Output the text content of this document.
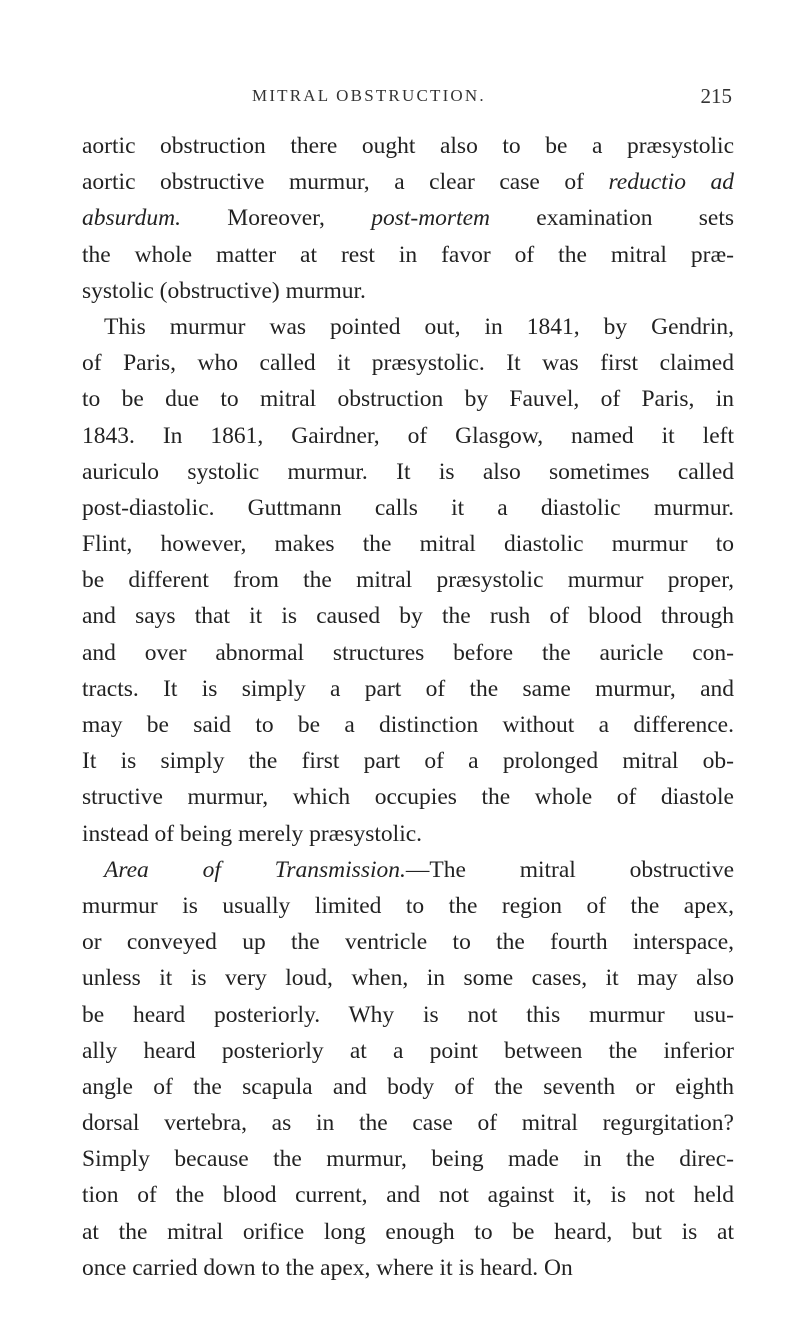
MITRAL OBSTRUCTION.	215
aortic obstruction there ought also to be a præsystolic
aortic obstructive murmur, a clear case of reductio ad
absurdum. Moreover, post-mortem examination sets
the whole matter at rest in favor of the mitral præ-
systolic (obstructive) murmur.
This murmur was pointed out, in 1841, by Gendrin,
of Paris, who called it præsystolic. It was first claimed
to be due to mitral obstruction by Fauvel, of Paris, in
1843. In 1861, Gairdner, of Glasgow, named it left
auriculo systolic murmur. It is also sometimes called
post-diastolic. Guttmann calls it a diastolic murmur.
Flint, however, makes the mitral diastolic murmur to
be different from the mitral præsystolic murmur proper,
and says that it is caused by the rush of blood through
and over abnormal structures before the auricle con-
tracts. It is simply a part of the same murmur, and
may be said to be a distinction without a difference.
It is simply the first part of a prolonged mitral ob-
structive murmur, which occupies the whole of diastole
instead of being merely præsystolic.
Area of Transmission.—The mitral obstructive
murmur is usually limited to the region of the apex,
or conveyed up the ventricle to the fourth interspace,
unless it is very loud, when, in some cases, it may also
be heard posteriorly. Why is not this murmur usu-
ally heard posteriorly at a point between the inferior
angle of the scapula and body of the seventh or eighth
dorsal vertebra, as in the case of mitral regurgitation?
Simply because the murmur, being made in the direc-
tion of the blood current, and not against it, is not held
at the mitral orifice long enough to be heard, but is at
once carried down to the apex, where it is heard. On
